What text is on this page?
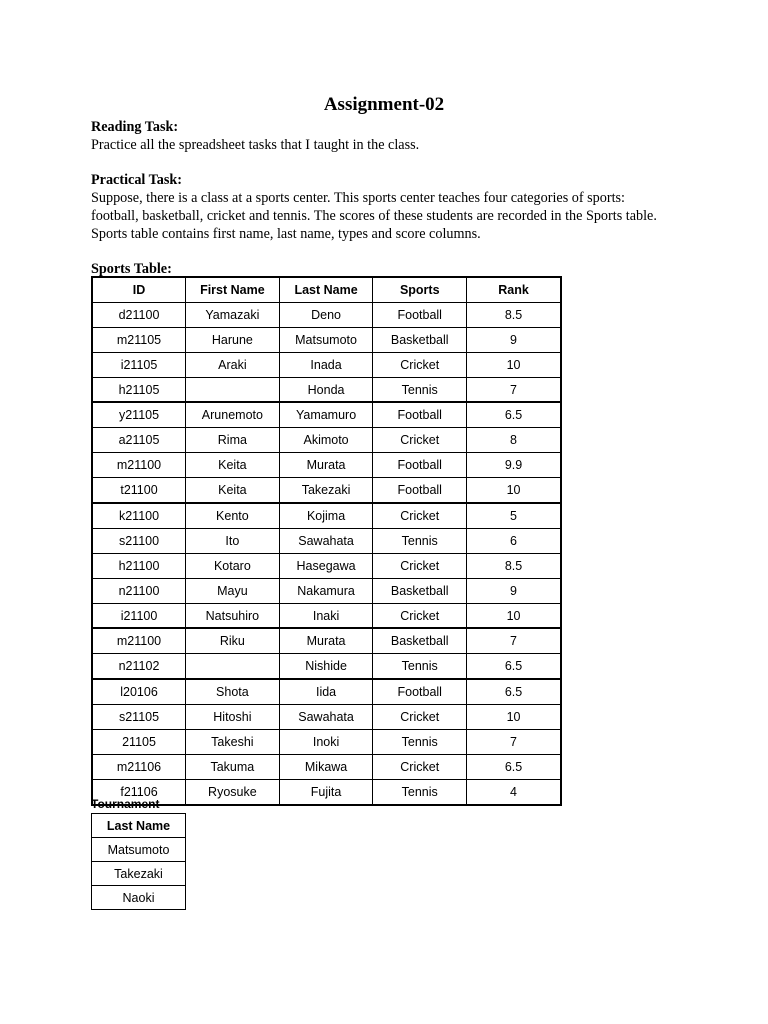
Assignment-02
Reading Task:
Practice all the spreadsheet tasks that I taught in the class.
Practical Task:
Suppose, there is a class at a sports center. This sports center teaches four categories of sports: football, basketball, cricket and tennis. The scores of these students are recorded in the Sports table. Sports table contains first name, last name, types and score columns.
Sports Table:
ID	First Name	Last Name	Sports	Rank
d21100	Yamazaki	Deno	Football	8.5
m21105	Harune	Matsumoto	Basketball	9
i21105	Araki	Inada	Cricket	10
h21105		Honda	Tennis	7
y21105	Arunemoto	Yamamuro	Football	6.5
a21105	Rima	Akimoto	Cricket	8
m21100	Keita	Murata	Football	9.9
t21100	Keita	Takezaki	Football	10
k21100	Kento	Kojima	Cricket	5
s21100	Ito	Sawahata	Tennis	6
h21100	Kotaro	Hasegawa	Cricket	8.5
n21100	Mayu	Nakamura	Basketball	9
i21100	Natsuhiro	Inaki	Cricket	10
m21100	Riku	Murata	Basketball	7
n21102		Nishide	Tennis	6.5
l20106	Shota	Iida	Football	6.5
s21105	Hitoshi	Sawahata	Cricket	10
21105	Takeshi	Inoki	Tennis	7
m21106	Takuma	Mikawa	Cricket	6.5
f21106	Ryosuke	Fujita	Tennis	4
Tournament
Last Name
Matsumoto
Takezaki
Naoki
